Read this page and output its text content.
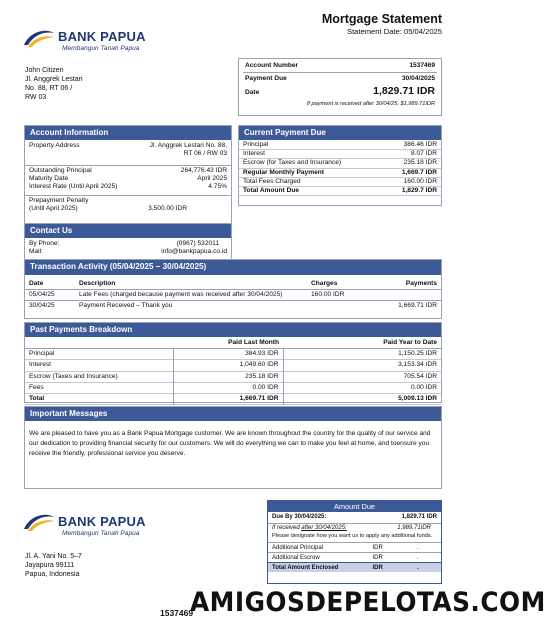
BANK PAPUA
Membangun Tanah Papua
Mortgage Statement
Statement Date: 05/04/2025
John Citizen
Jl. Anggrek Lestari
No. 88, RT 06 /
RW 03
Account Number	1537469
Payment Due	30/04/2025
Date	1,829.71 IDR
If payment is received after 30/04/25, $1,989.71IDR
Account Information
Property Address	Jl. Anggrek Lestari No. 88,
RT 06 / RW 03
Outstanding Principal	264,776.43 IDR
Maturity Date	April 2025
Interest Rate (Until April 2025)	4.75%
Prepayment Penalty
(Until April 2025)	3,500.00 IDR
Contact Us
By Phone:	(0967) 532011
Mail:	info@bankpapua.co.id
Current Payment Due
Principal	386.46 IDR
Interest	8.07 IDR
Escrow (for Taxes and Insurance)	235.18 IDR
Regular Monthly Payment	1,669.7 IDR
Total Fees Charged	160.00 IDR
Total Amount Due	1,829.7 IDR
Transaction Activity (05/04/2025 – 30/04/2025)
Date	Description	Charges	Payments
05/04/25	Late Fees (charged because payment was received after 30/04/2025)	160.00 IDR	
30/04/25	Payment Received – Thank you		1,669.71 IDR
Past Payments Breakdown
	Paid Last Month	Paid Year to Date
Principal	384.93 IDR	1,150.25 IDR
Interest	1,049.60 IDR	3,153.34 IDR
Escrow (Taxes and Insurance)	235.18 IDR	705.54 IDR
Fees	0.00 IDR	0.00 IDR
Total	1,669.71 IDR	5,009.13 IDR
Important Messages
We are pleased to have you as a Bank Papua Mortgage customer. We are known throughout the country for the quality of our service and our dedication to providing financial security for our customers. We will do everything we can to make you feel at home, and toensure you receive the friendly, professional service you deserve.
BANK PAPUA
Membangun Tanah Papua
Jl. A. Yani No. 5–7
Jayapura 99111
Papua, Indonesia
Amount Due
Due By 30/04/2025:	1,829.71 IDR
If received after 30/04/2025:	1,989.71IDR
Please designate how you want us to apply any additional funds.
Additional Principal	IDR	.
Additional Escrow	IDR	.
Total Amount Enclosed	IDR	.
1537469
AMIGOSDEPELOTAS.COM
